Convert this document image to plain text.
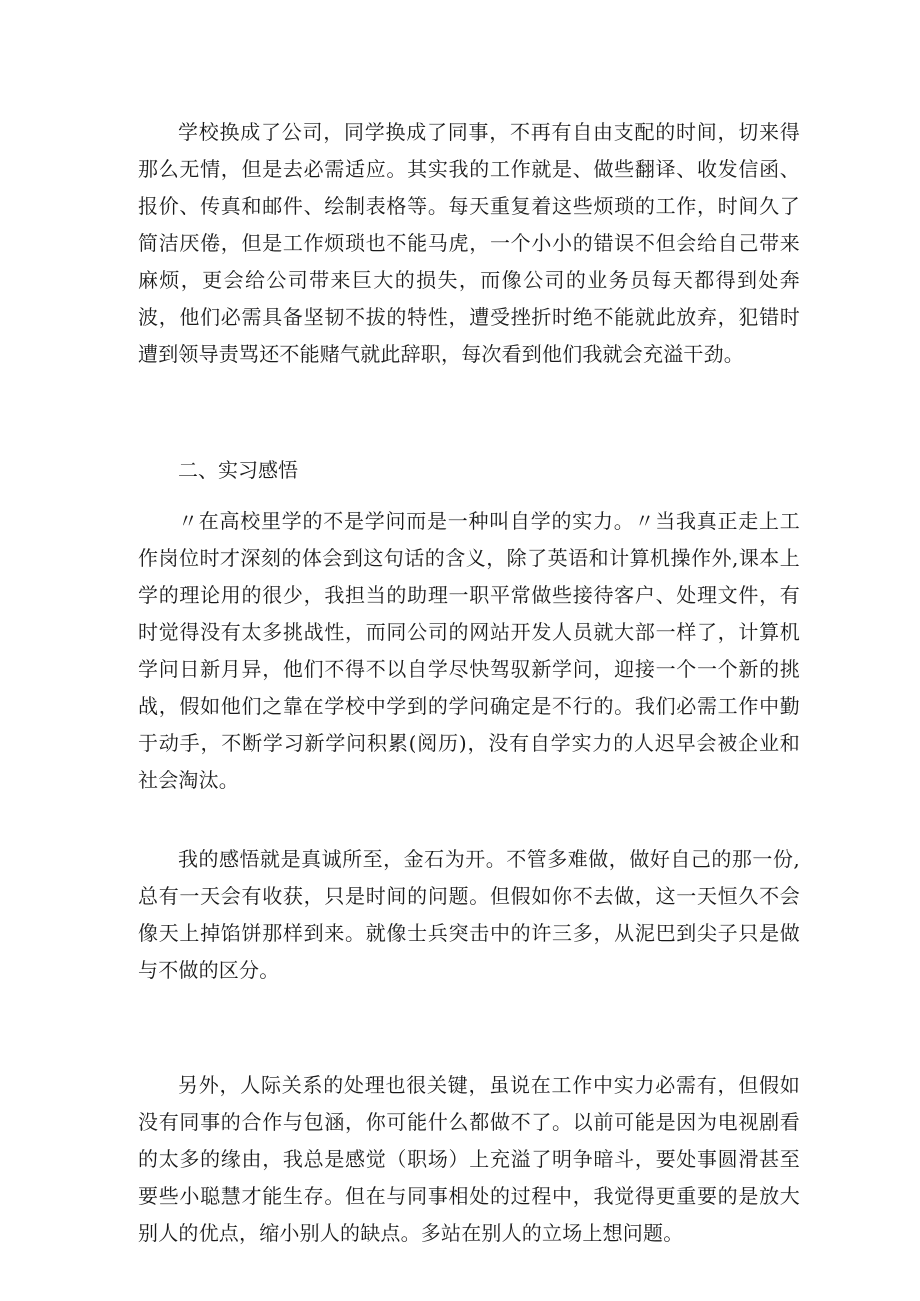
学校换成了公司，同学换成了同事，不再有自由支配的时间，切来得那么无情，但是去必需适应。其实我的工作就是、做些翻译、收发信函、报价、传真和邮件、绘制表格等。每天重复着这些烦琐的工作，时间久了简洁厌倦，但是工作烦琐也不能马虎，一个小小的错误不但会给自己带来麻烦，更会给公司带来巨大的损失，而像公司的业务员每天都得到处奔波，他们必需具备坚韧不拔的特性，遭受挫折时绝不能就此放弃，犯错时遭到领导责骂还不能赌气就此辞职，每次看到他们我就会充溢干劲。

二、实习感悟

〃在高校里学的不是学问而是一种叫自学的实力。〃当我真正走上工作岗位时才深刻的体会到这句话的含义，除了英语和计算机操作外,课本上学的理论用的很少，我担当的助理一职平常做些接待客户、处理文件，有时觉得没有太多挑战性，而同公司的网站开发人员就大部一样了，计算机学问日新月异，他们不得不以自学尽快驾驭新学问，迎接一个一个新的挑战，假如他们之靠在学校中学到的学问确定是不行的。我们必需工作中勤于动手，不断学习新学问积累(阅历)，没有自学实力的人迟早会被企业和社会淘汰。

我的感悟就是真诚所至，金石为开。不管多难做，做好自己的那一份,总有一天会有收获，只是时间的问题。但假如你不去做，这一天恒久不会像天上掉馅饼那样到来。就像士兵突击中的许三多，从泥巴到尖子只是做与不做的区分。

另外，人际关系的处理也很关键，虽说在工作中实力必需有，但假如没有同事的合作与包涵，你可能什么都做不了。以前可能是因为电视剧看的太多的缘由，我总是感觉（职场）上充溢了明争暗斗，要处事圆滑甚至要些小聪慧才能生存。但在与同事相处的过程中，我觉得更重要的是放大别人的优点，缩小别人的缺点。多站在别人的立场上想问题。
